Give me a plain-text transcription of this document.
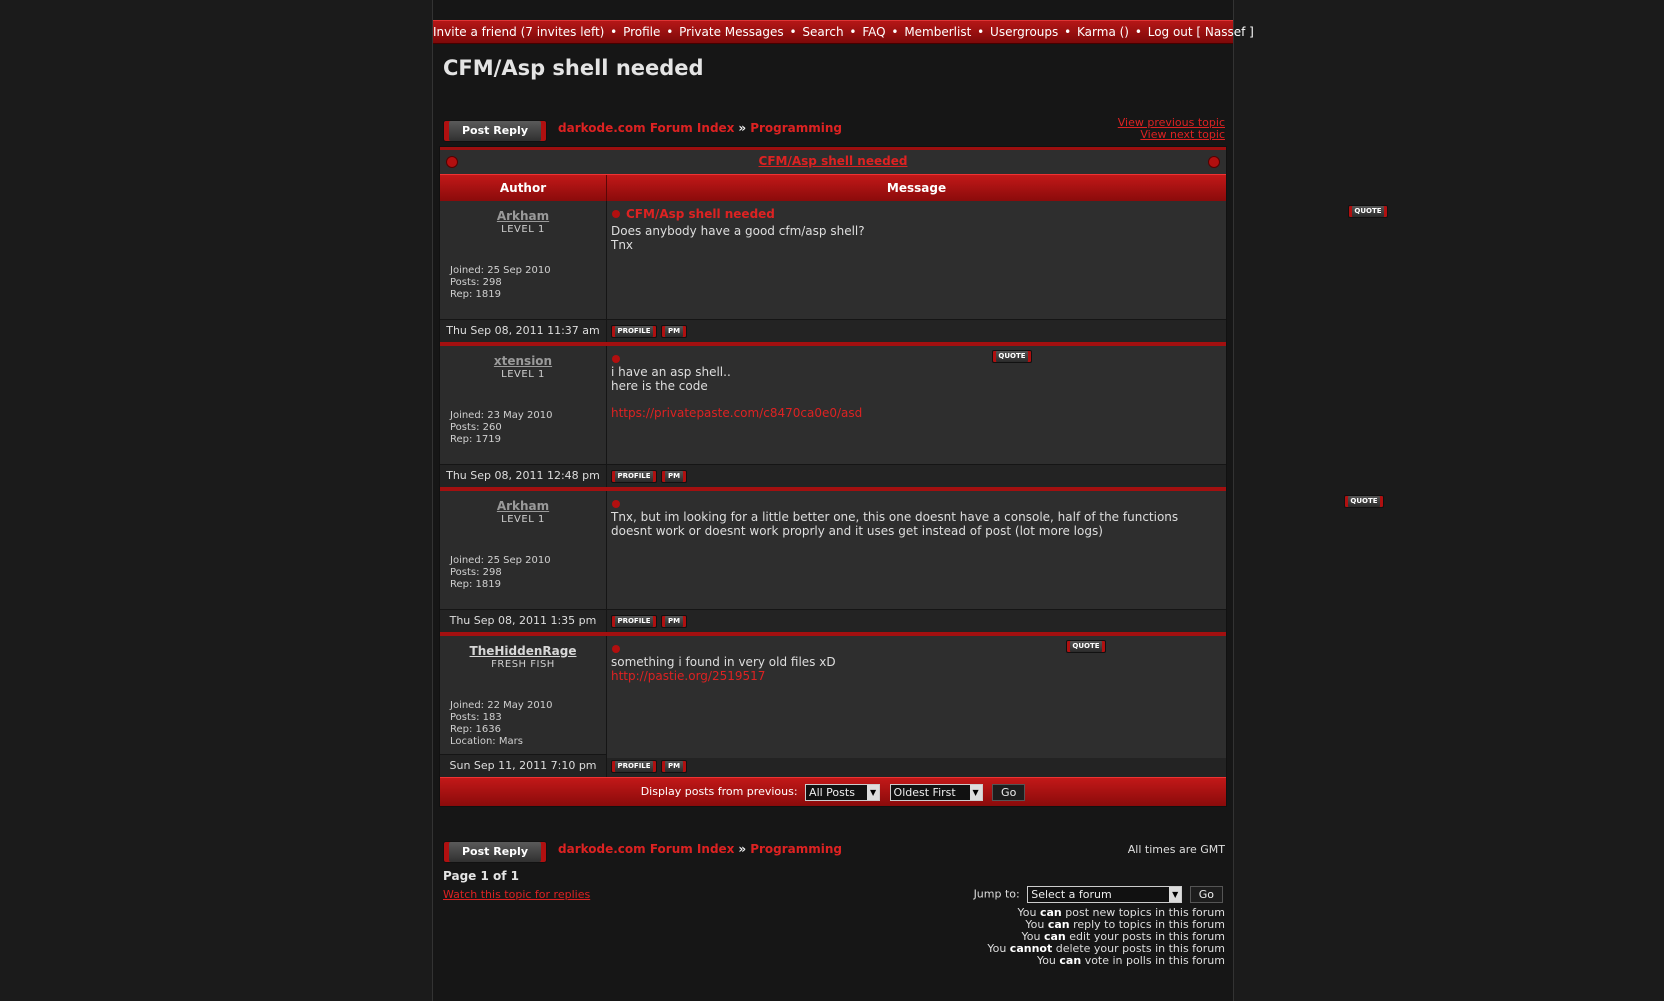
Invite a friend (7 invites left) • Profile • Private Messages • Search • FAQ • Memberlist • Usergroups • Karma () • Log out [ Nassef ]
CFM/Asp shell needed
Post Reply	darkode.com Forum Index » Programming	View previous topic
View next topic
CFM/Asp shell needed
Author	Message
Arkham
LEVEL 1
Joined: 25 Sep 2010
Posts: 298
Rep: 1819
CFM/Asp shell needed	QUOTE
Does anybody have a good cfm/asp shell?
Tnx
Thu Sep 08, 2011 11:37 am	PROFILE	PM
xtension
LEVEL 1
Joined: 23 May 2010
Posts: 260
Rep: 1719
QUOTE
i have an asp shell..
here is the code
https://privatepaste.com/c8470ca0e0/asd
Thu Sep 08, 2011 12:48 pm	PROFILE	PM
Arkham
LEVEL 1
Joined: 25 Sep 2010
Posts: 298
Rep: 1819
QUOTE
Tnx, but im looking for a little better one, this one doesnt have a console, half of the functions
doesnt work or doesnt work proprly and it uses get instead of post (lot more logs)
Thu Sep 08, 2011 1:35 pm	PROFILE	PM
TheHiddenRage
FRESH FISH
Joined: 22 May 2010
Posts: 183
Rep: 1636
Location: Mars
QUOTE
something i found in very old files xD
http://pastie.org/2519517
Sun Sep 11, 2011 7:10 pm	PROFILE	PM
Display posts from previous: All Posts	▼ Oldest First	▼ Go
Post Reply	darkode.com Forum Index » Programming	All times are GMT
Page 1 of 1
Watch this topic for replies	Jump to: Select a forum	▼ Go
You can post new topics in this forum
You can reply to topics in this forum
You can edit your posts in this forum
You cannot delete your posts in this forum
You can vote in polls in this forum
